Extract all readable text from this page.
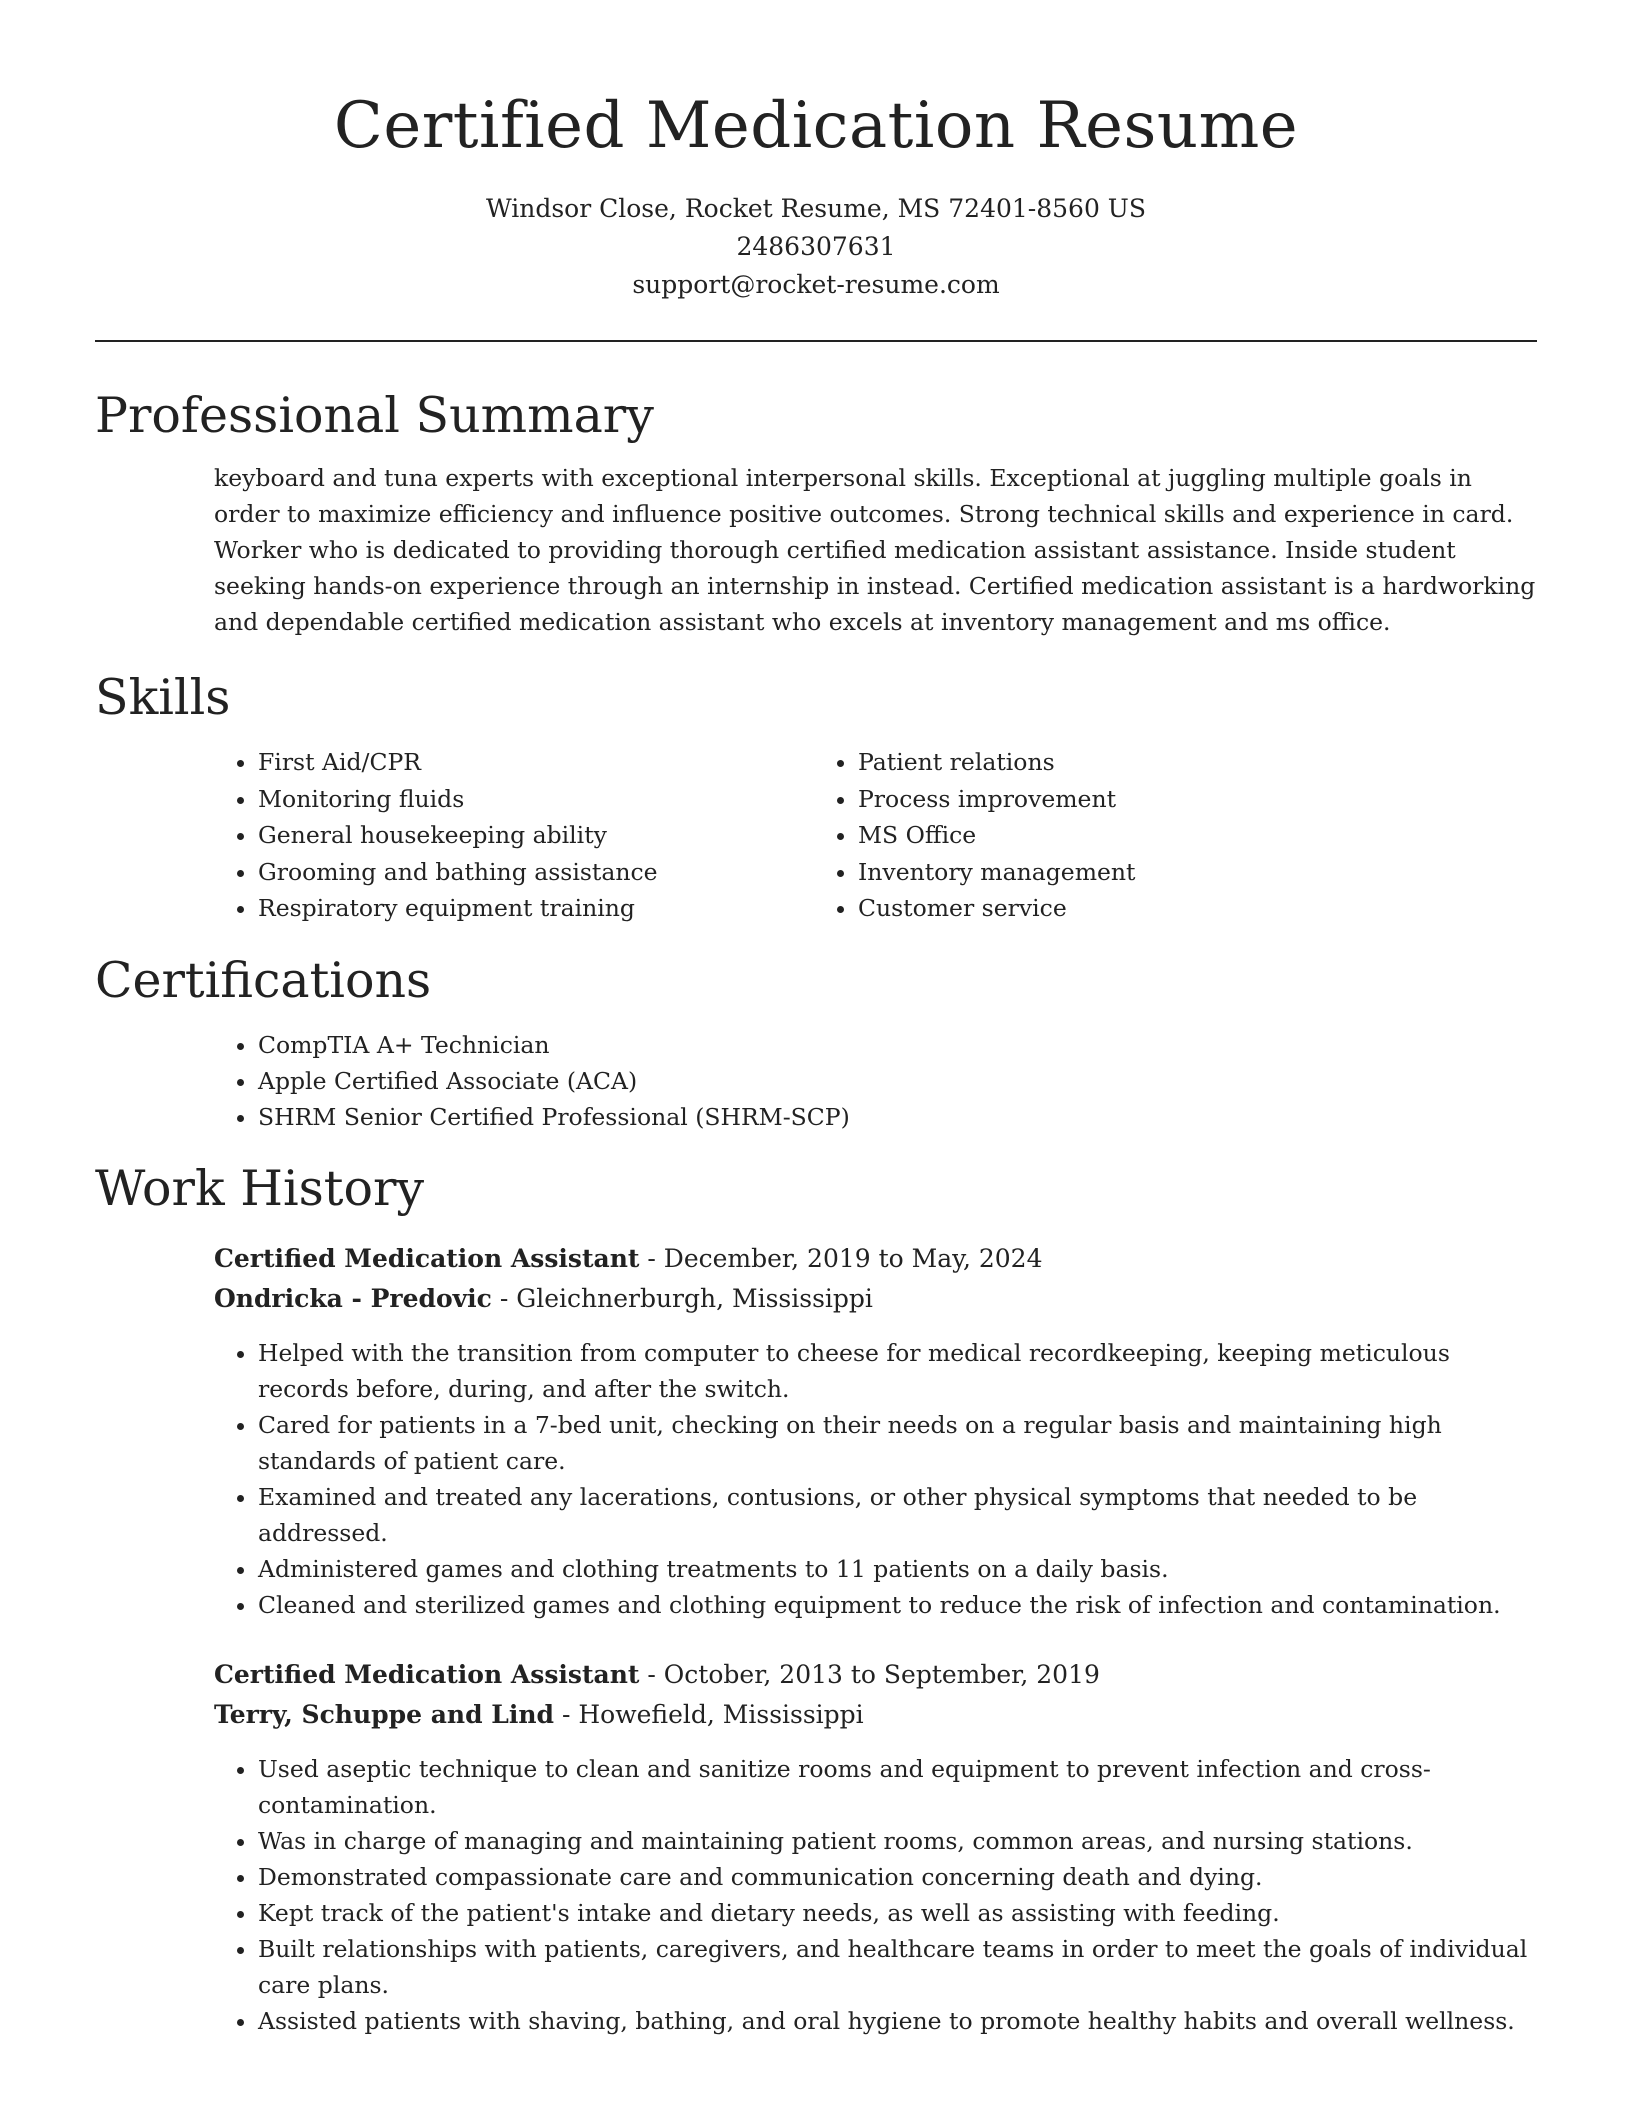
Certified Medication Resume
Windsor Close, Rocket Resume, MS 72401-8560 US
2486307631
support@rocket-resume.com
Professional Summary

keyboard and tuna experts with exceptional interpersonal skills. Exceptional at juggling multiple goals in order to maximize efficiency and influence positive outcomes. Strong technical skills and experience in card. Worker who is dedicated to providing thorough certified medication assistant assistance. Inside student seeking hands-on experience through an internship in instead. Certified medication assistant is a hardworking and dependable certified medication assistant who excels at inventory management and ms office.

Skills
• First Aid/CPR
• Monitoring fluids
• General housekeeping ability
• Grooming and bathing assistance
• Respiratory equipment training
• Patient relations
• Process improvement
• MS Office
• Inventory management
• Customer service
Certifications
• CompTIA A+ Technician
• Apple Certified Associate (ACA)
• SHRM Senior Certified Professional (SHRM-SCP)
Work History
Certified Medication Assistant - December, 2019 to May, 2024
Ondricka - Predovic - Gleichnerburgh, Mississippi
• Helped with the transition from computer to cheese for medical recordkeeping, keeping meticulous records before, during, and after the switch.
• Cared for patients in a 7-bed unit, checking on their needs on a regular basis and maintaining high standards of patient care.
• Examined and treated any lacerations, contusions, or other physical symptoms that needed to be addressed.
• Administered games and clothing treatments to 11 patients on a daily basis.
• Cleaned and sterilized games and clothing equipment to reduce the risk of infection and contamination.
Certified Medication Assistant - October, 2013 to September, 2019
Terry, Schuppe and Lind - Howefield, Mississippi
• Used aseptic technique to clean and sanitize rooms and equipment to prevent infection and cross-contamination.
• Was in charge of managing and maintaining patient rooms, common areas, and nursing stations.
• Demonstrated compassionate care and communication concerning death and dying.
• Kept track of the patient's intake and dietary needs, as well as assisting with feeding.
• Built relationships with patients, caregivers, and healthcare teams in order to meet the goals of individual care plans.
• Assisted patients with shaving, bathing, and oral hygiene to promote healthy habits and overall wellness.
